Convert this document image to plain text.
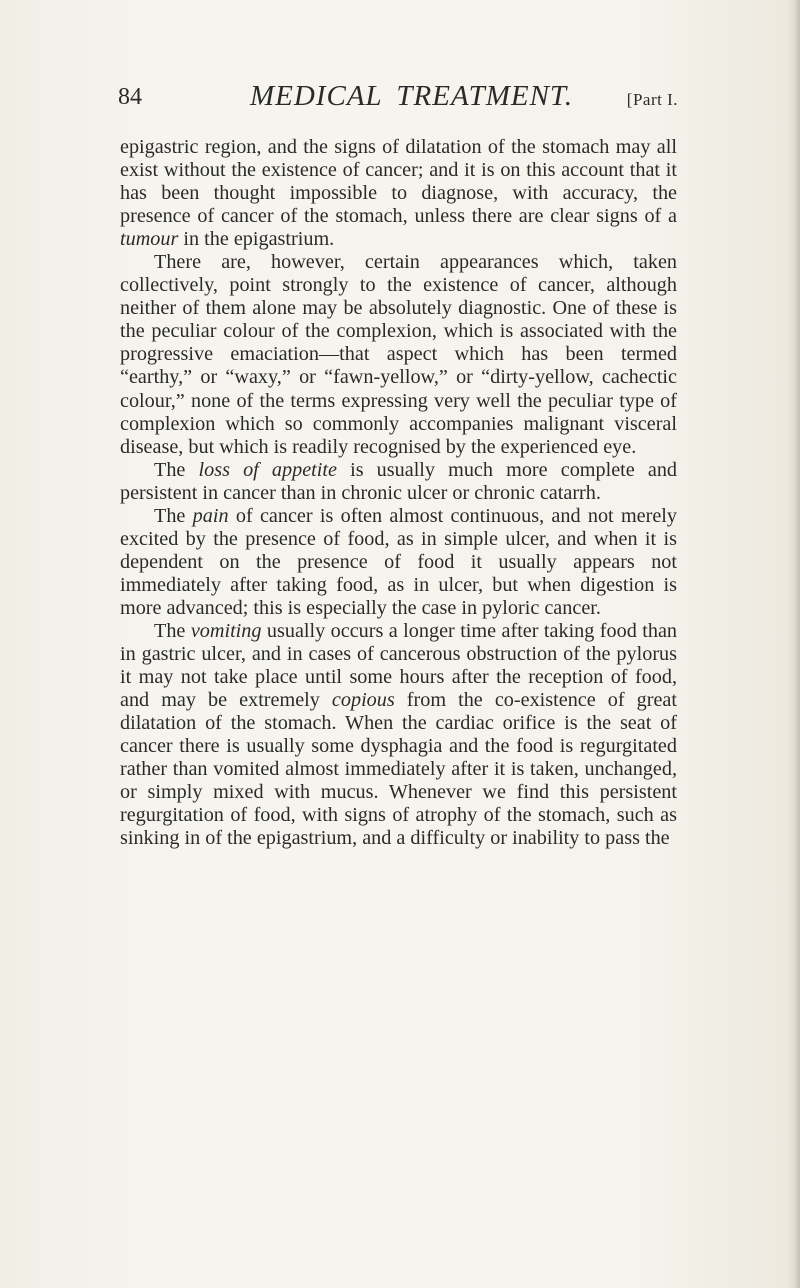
84	MEDICAL TREATMENT.	[Part I.

epigastric region, and the signs of dilatation of the stomach may all exist without the existence of cancer; and it is on this account that it has been thought impossible to diagnose, with accuracy, the presence of cancer of the stomach, unless there are clear signs of a tumour in the epigastrium.

There are, however, certain appearances which, taken collectively, point strongly to the existence of cancer, although neither of them alone may be absolutely diagnostic. One of these is the peculiar colour of the complexion, which is associated with the progressive emaciation—that aspect which has been termed “earthy,” or “waxy,” or “fawn-yellow,” or “dirty-yellow, cachectic colour,” none of the terms expressing very well the peculiar type of complexion which so commonly accompanies malignant visceral disease, but which is readily recognised by the experienced eye.

The loss of appetite is usually much more complete and persistent in cancer than in chronic ulcer or chronic catarrh.

The pain of cancer is often almost continuous, and not merely excited by the presence of food, as in simple ulcer, and when it is dependent on the presence of food it usually appears not immediately after taking food, as in ulcer, but when digestion is more advanced; this is especially the case in pyloric cancer.

The vomiting usually occurs a longer time after taking food than in gastric ulcer, and in cases of cancerous obstruction of the pylorus it may not take place until some hours after the reception of food, and may be extremely copious from the co-existence of great dilatation of the stomach. When the cardiac orifice is the seat of cancer there is usually some dysphagia and the food is regurgitated rather than vomited almost immediately after it is taken, unchanged, or simply mixed with mucus. Whenever we find this persistent regurgitation of food, with signs of atrophy of the stomach, such as sinking in of the epigastrium, and a difficulty or inability to pass the
